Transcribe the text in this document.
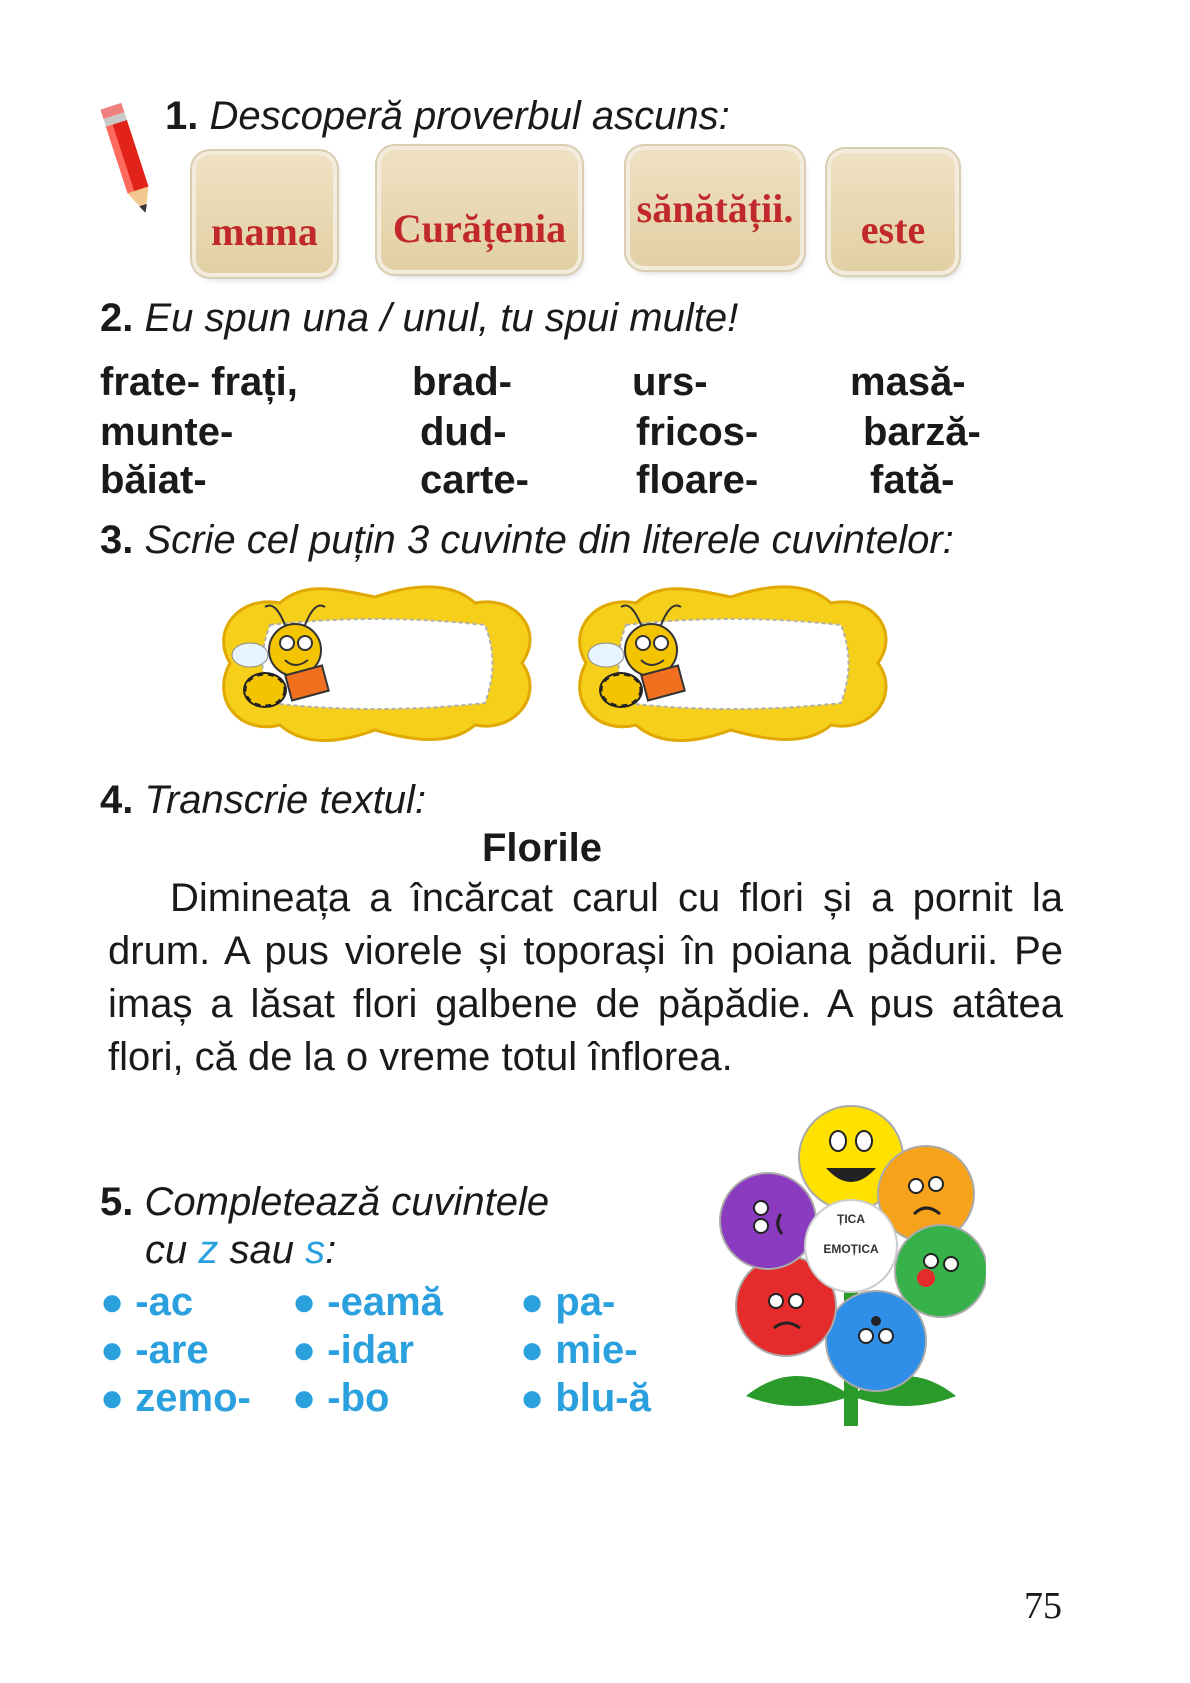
1. Descoperă proverbul ascuns:
mama Curățenia sănătății. este
2. Eu spun una / unul, tu spui multe!
frate- frați,	brad-	urs-	masă-
munte-	dud-	fricos-	barză-
băiat-	carte-	floare-	fată-
3. Scrie cel puțin 3 cuvinte din literele cuvintelor:
4. Transcrie textul:
Florile

Dimineața a încărcat carul cu flori și a pornit la drum. A pus viorele și toporași în poiana pădurii. Pe imaș a lăsat flori galbene de păpădie. A pus atâtea flori, că de la o vreme totul înflorea.

5. Completează cuvintele
cu z sau s:
● -ac ● -eamă ● pa-
● -are ● -idar	● mie-
● zemo- ● -bo	● blu-ă
ȚICA
EMOȚICA
75
